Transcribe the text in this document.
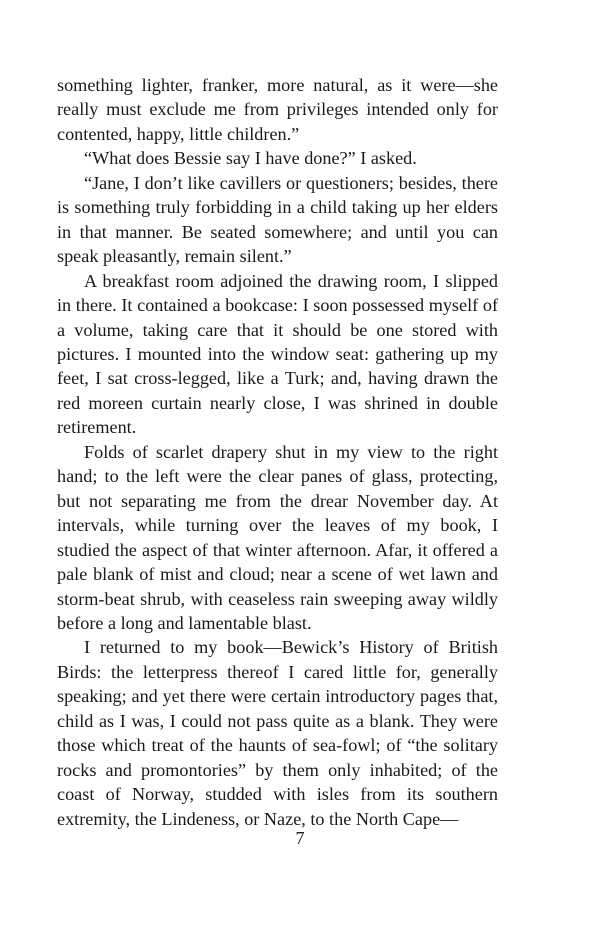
something lighter, franker, more natural, as it were—she really must exclude me from privileges intended only for contented, happy, little children.”

“What does Bessie say I have done?” I asked.

“Jane, I don’t like cavillers or questioners; besides, there is something truly forbidding in a child taking up her elders in that manner. Be seated somewhere; and until you can speak pleasantly, remain silent.”

A breakfast room adjoined the drawing room, I slipped in there. It contained a bookcase: I soon possessed myself of a volume, taking care that it should be one stored with pictures. I mounted into the window seat: gathering up my feet, I sat cross-legged, like a Turk; and, having drawn the red moreen curtain nearly close, I was shrined in double retirement.

Folds of scarlet drapery shut in my view to the right hand; to the left were the clear panes of glass, protecting, but not separating me from the drear November day. At intervals, while turning over the leaves of my book, I studied the aspect of that winter afternoon. Afar, it offered a pale blank of mist and cloud; near a scene of wet lawn and storm-beat shrub, with ceaseless rain sweeping away wildly before a long and lamentable blast.

I returned to my book—Bewick’s History of British Birds: the letterpress thereof I cared little for, generally speaking; and yet there were certain introductory pages that, child as I was, I could not pass quite as a blank. They were those which treat of the haunts of sea-fowl; of “the solitary rocks and promontories” by them only inhabited; of the coast of Norway, studded with isles from its southern extremity, the Lindeness, or Naze, to the North Cape—

7
